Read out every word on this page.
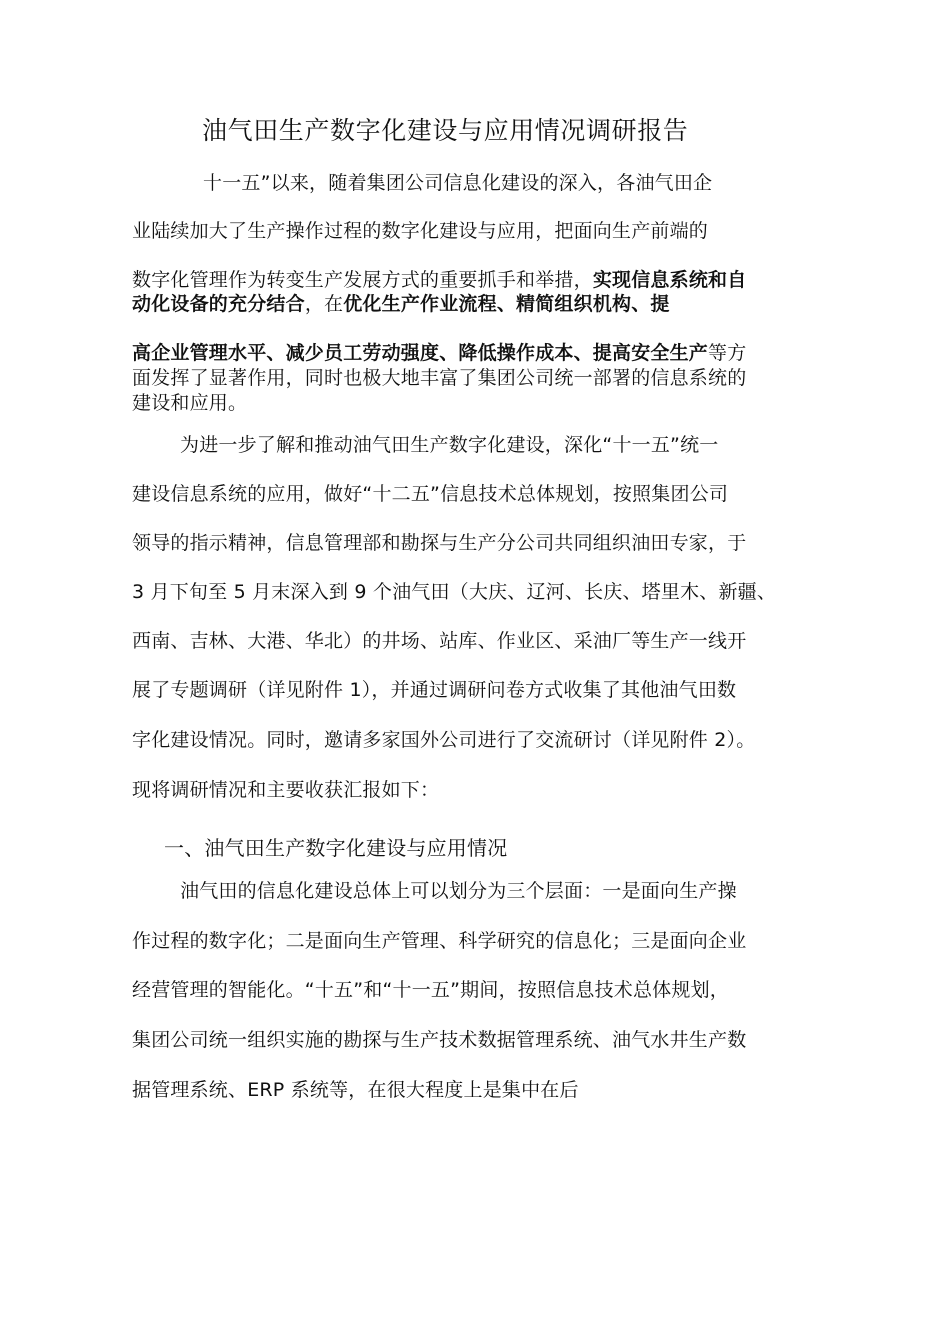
油气田生产数字化建设与应用情况调研报告
十一五”以来，随着集团公司信息化建设的深入，各油气田企
业陆续加大了生产操作过程的数字化建设与应用，把面向生产前端的
数字化管理作为转变生产发展方式的重要抓手和举措，实现信息系统和自
动化设备的充分结合，在优化生产作业流程、精简组织机构、提
高企业管理水平、减少员工劳动强度、降低操作成本、提高安全生产等方
面发挥了显著作用，同时也极大地丰富了集团公司统一部署的信息系统的
建设和应用。
为进一步了解和推动油气田生产数字化建设，深化“十一五”统一
建设信息系统的应用，做好“十二五”信息技术总体规划，按照集团公司
领导的指示精神，信息管理部和勘探与生产分公司共同组织油田专家，于
3 月下旬至 5 月末深入到 9 个油气田（大庆、辽河、长庆、塔里木、新疆、
西南、吉林、大港、华北）的井场、站库、作业区、采油厂等生产一线开
展了专题调研（详见附件 1），并通过调研问卷方式收集了其他油气田数
字化建设情况。同时，邀请多家国外公司进行了交流研讨（详见附件 2）。
现将调研情况和主要收获汇报如下：
一、油气田生产数字化建设与应用情况
油气田的信息化建设总体上可以划分为三个层面：一是面向生产操
作过程的数字化；二是面向生产管理、科学研究的信息化；三是面向企业
经营管理的智能化。“十五”和“十一五”期间，按照信息技术总体规划，
集团公司统一组织实施的勘探与生产技术数据管理系统、油气水井生产数
据管理系统、ERP 系统等，在很大程度上是集中在后
